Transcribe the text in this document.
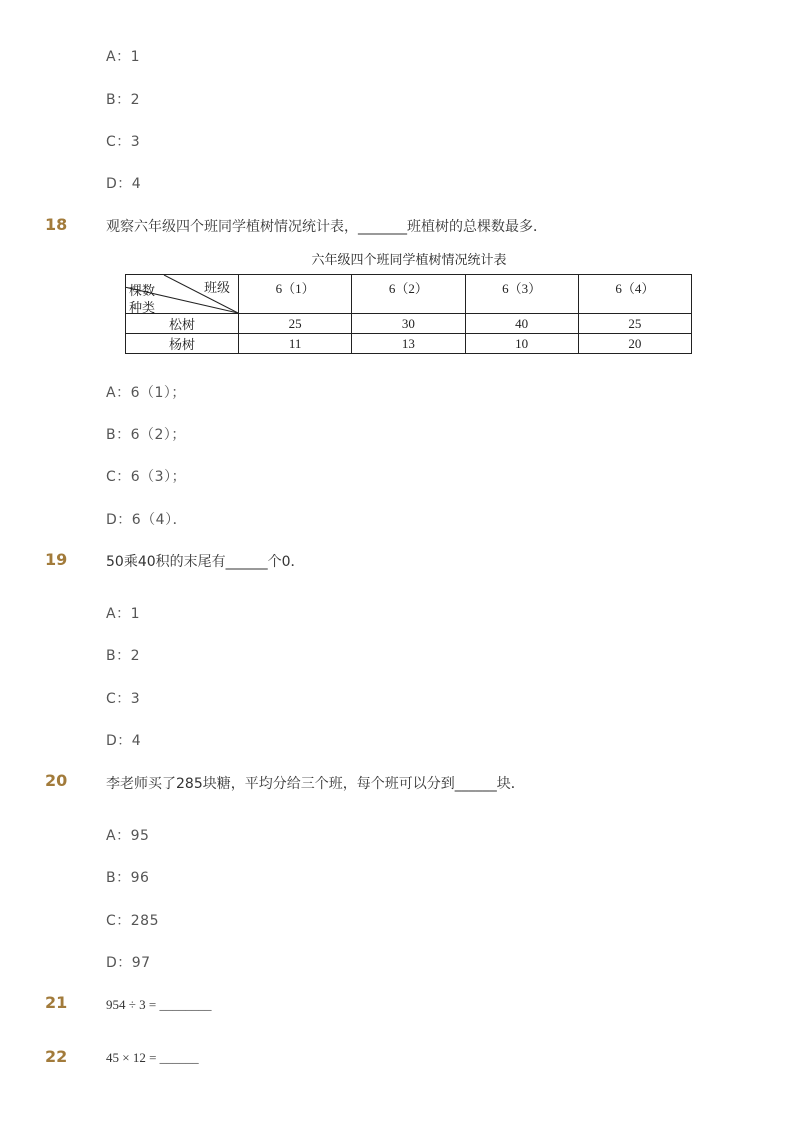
A：1
B：2
C：3
D：4
18	观察六年级四个班同学植树情况统计表，_______班植树的总棵数最多．
六年级四个班同学植树情况统计表
班级
棵数
种类	6（1）	6（2）	6（3）	6（4）
松树	25	30	40	25
杨树	11	13	10	20
A：6（1）；
B：6（2）；
C：6（3）；
D：6（4）．
19	50乘40积的末尾有______个0．
A：1
B：2
C：3
D：4
20	李老师买了285块糖，平均分给三个班，每个班可以分到______块．
A：95
B：96
C：285
D：97
21	954 ÷ 3 = ________
22	45 × 12 = ______
